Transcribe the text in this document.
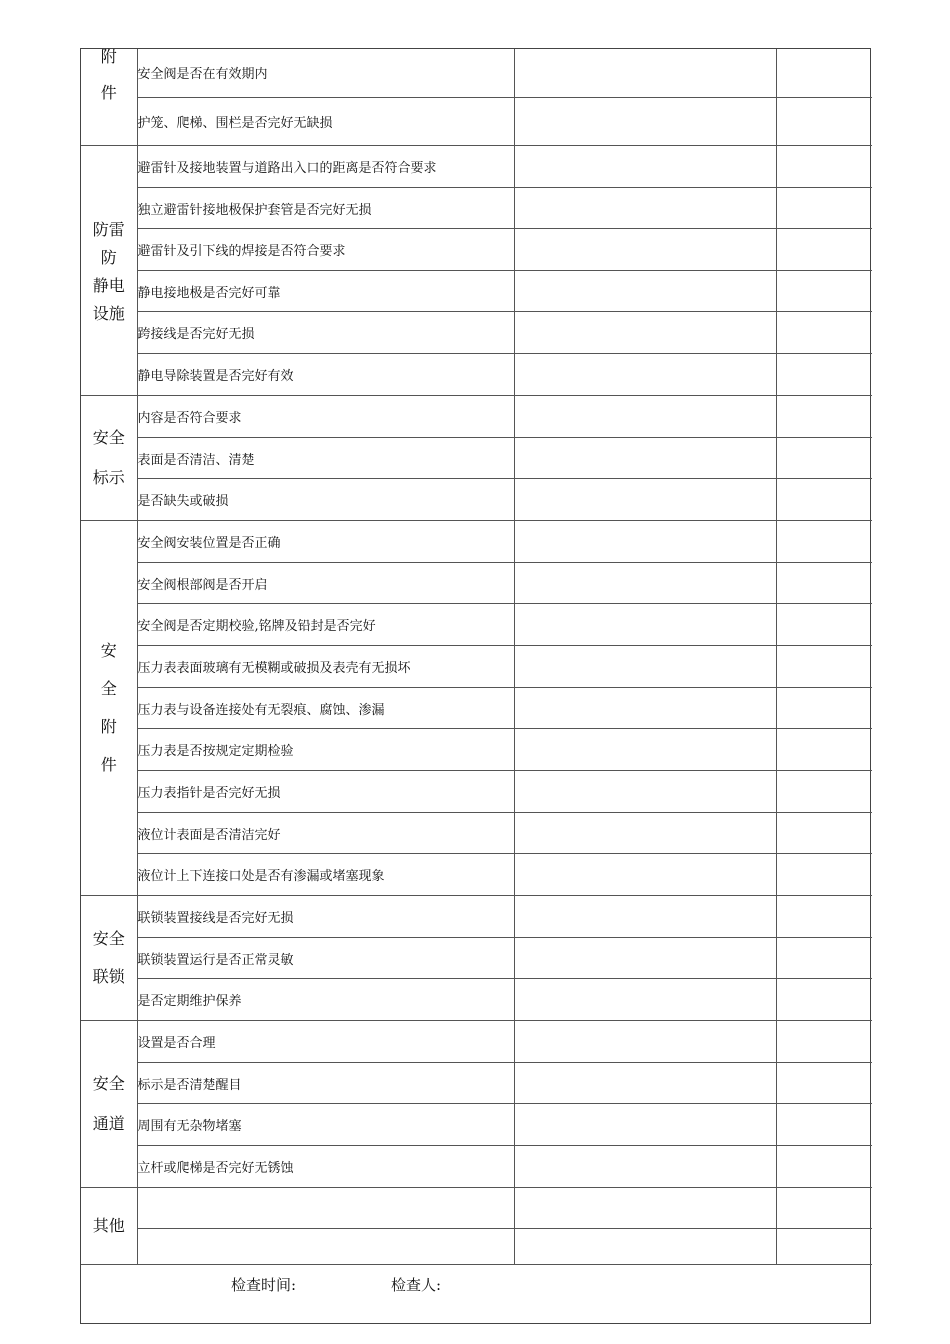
附
件	安全阀是否在有效期内		
	护笼、爬梯、围栏是否完好无缺损		

防雷
防
静电
设施	避雷针及接地装置与道路出入口的距离是否符合要求		
	独立避雷针接地极保护套管是否完好无损		
	避雷针及引下线的焊接是否符合要求		
	静电接地极是否完好可靠		
	跨接线是否完好无损		
	静电导除装置是否完好有效		

安全
标示	内容是否符合要求		
	表面是否清洁、清楚		
	是否缺失或破损		

安
全
附
件	安全阀安装位置是否正确		
	安全阀根部阀是否开启		
	安全阀是否定期校验,铭牌及铅封是否完好		
	压力表表面玻璃有无模糊或破损及表壳有无损坏		
	压力表与设备连接处有无裂痕、腐蚀、渗漏		
	压力表是否按规定定期检验		
	压力表指针是否完好无损		
	液位计表面是否清洁完好		
	液位计上下连接口处是否有渗漏或堵塞现象		

安全
联锁	联锁装置接线是否完好无损		
	联锁装置运行是否正常灵敏		
	是否定期维护保养		

安全
通道	设置是否合理		
	标示是否清楚醒目		
	周围有无杂物堵塞		
	立杆或爬梯是否完好无锈蚀		

其他			

检查时间:	检查人:
